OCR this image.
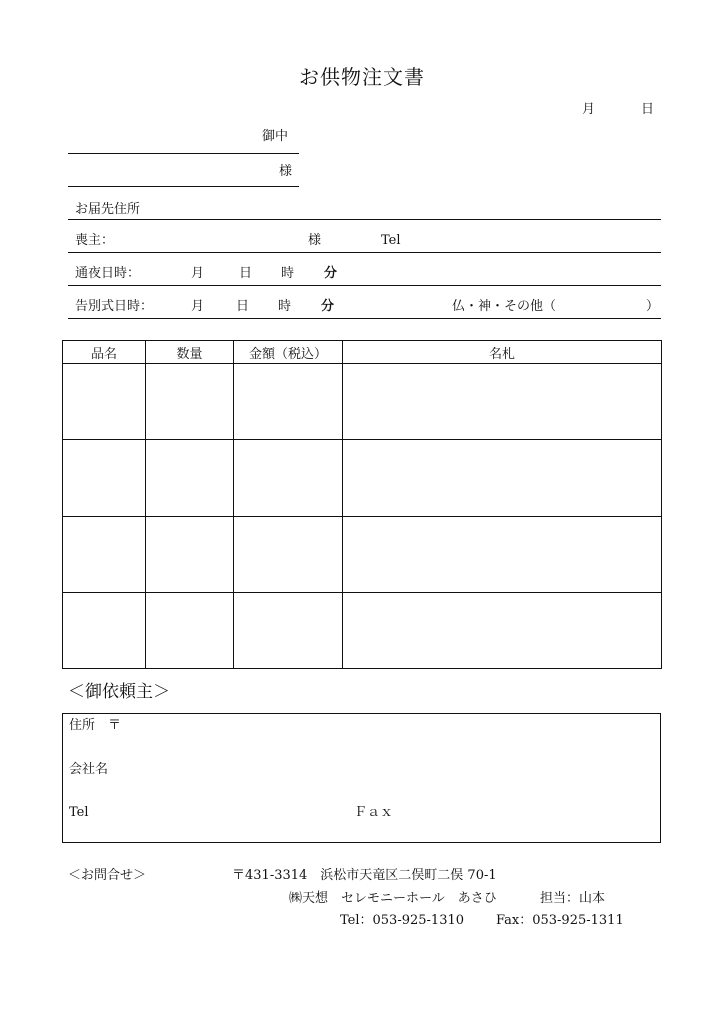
お供物注文書
月	日
御中
様
お届先住所
喪主：	様	Tel
通夜日時：	月	日 時 分
告別式日時：	月 日 時 分	仏・神・その他（	）
品名	数量	金額（税込）	名札

＜御依頼主＞
住所　〒
会社名
Tel	Ｆａｘ
＜お問合せ＞	〒431-3314　浜松市天竜区二俣町二俣 70-1
㈱天想　セレモニーホール　あさひ	担当：山本
Tel：053-925-1310 Fax：053-925-1311
